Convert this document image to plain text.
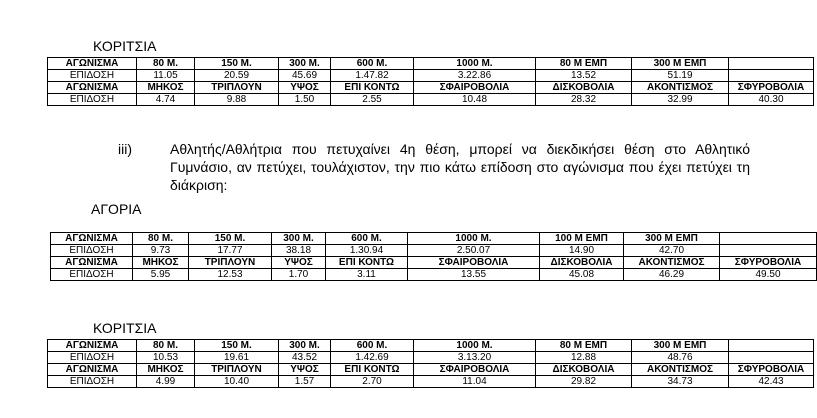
ΚΟΡΙΤΣΙΑ
ΑΓΩΝΙΣΜΑ	80 Μ.	150 Μ.	300 Μ.	600 Μ.	1000 Μ.	80 Μ ΕΜΠ	300 Μ ΕΜΠ	
ΕΠΙΔΟΣΗ	11.05	20.59	45.69	1.47.82	3.22.86	13.52	51.19	
ΑΓΩΝΙΣΜΑ	ΜΗΚΟΣ	ΤΡΙΠΛΟΥΝ	ΥΨΟΣ	ΕΠΙ ΚΟΝΤΩ	ΣΦΑΙΡΟΒΟΛΙΑ	ΔΙΣΚΟΒΟΛΙΑ	ΑΚΟΝΤΙΣΜΟΣ	ΣΦΥΡΟΒΟΛΙΑ
ΕΠΙΔΟΣΗ	4.74	9.88	1.50	2.55	10.48	28.32	32.99	40.30
iii)	Αθλητής/Αθλήτρια που πετυχαίνει 4η θέση, μπορεί να διεκδικήσει θέση στο Αθλητικό Γυμνάσιο, αν πετύχει, τουλάχιστον, την πιο κάτω επίδοση στο αγώνισμα που έχει πετύχει τη διάκριση:
ΑΓΟΡΙΑ
ΑΓΩΝΙΣΜΑ	80 Μ.	150 Μ.	300 Μ.	600 Μ.	1000 Μ.	100 Μ ΕΜΠ	300 Μ ΕΜΠ	
ΕΠΙΔΟΣΗ	9.73	17.77	38.18	1.30.94	2.50.07	14.90	42.70	
ΑΓΩΝΙΣΜΑ	ΜΗΚΟΣ	ΤΡΙΠΛΟΥΝ	ΥΨΟΣ	ΕΠΙ ΚΟΝΤΩ	ΣΦΑΙΡΟΒΟΛΙΑ	ΔΙΣΚΟΒΟΛΙΑ	ΑΚΟΝΤΙΣΜΟΣ	ΣΦΥΡΟΒΟΛΙΑ
ΕΠΙΔΟΣΗ	5.95	12.53	1.70	3.11	13.55	45.08	46.29	49.50
ΚΟΡΙΤΣΙΑ
ΑΓΩΝΙΣΜΑ	80 Μ.	150 Μ.	300 Μ.	600 Μ.	1000 Μ.	80 Μ ΕΜΠ	300 Μ ΕΜΠ	
ΕΠΙΔΟΣΗ	10.53	19.61	43.52	1.42.69	3.13.20	12.88	48.76	
ΑΓΩΝΙΣΜΑ	ΜΗΚΟΣ	ΤΡΙΠΛΟΥΝ	ΥΨΟΣ	ΕΠΙ ΚΟΝΤΩ	ΣΦΑΙΡΟΒΟΛΙΑ	ΔΙΣΚΟΒΟΛΙΑ	ΑΚΟΝΤΙΣΜΟΣ	ΣΦΥΡΟΒΟΛΙΑ
ΕΠΙΔΟΣΗ	4.99	10.40	1.57	2.70	11.04	29.82	34.73	42.43
